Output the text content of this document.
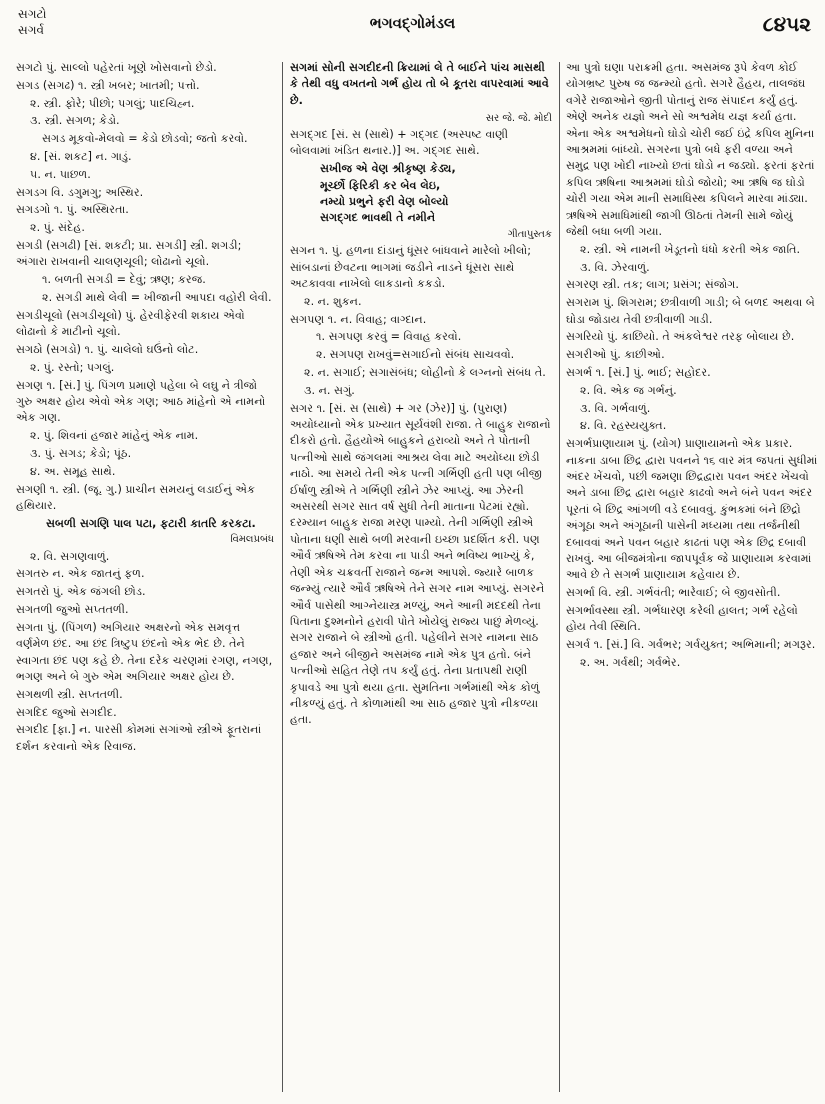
સગટો
સગર્વ	ભગવદ્ગોમંડલ	૮૪૫૨
સગટો પું. સાલ્લો પહેરતાં ખૂણે ખોસવાનો છેડો.
સગડ (સગઢ) ૧. સ્ત્રી ખબર; ખાતમી; પત્તો.
૨. સ્ત્રી. ફોરે; પીછો; પગલું; પાદચિહ્ન.
૩. સ્ત્રી. સગળ; કેડો.
સગડ મૂકવો-મેલવો = કેડો છોડવો; જતો કરવો.
૪. [સં. શકટ] ન. ગાડું.
૫. ન. પાછળ.
સગડગ વિ. ડગુમગુ; અસ્થિર.
સગડગો ૧. પું. અસ્થિરતા.
૨. પું. સંદેહ.
સગડી (સગઢી) [સં. શકટી; પ્રા. સગડી] સ્ત્રી. શગડી; અંગારા રાખવાની ચાલણચૂલી; લોઢાનો ચૂલો.
૧. બળતી સગડી = દેવું; ઋણ; કરજ.
૨. સગડી માથે લેવી = ખીજાની આપદા વહોરી લેવી.
સગડીચૂલો (સગડીચૂલો) પું. હેરવીફેરવી શકાય એવો લોઢાનો કે માટીનો ચૂલો.
સગઠો (સગડો) ૧. પું. ચાલેલો ઘઉંનો લોટ.
૨. પું. રસ્તો; પગલું.
સગણ ૧. [સં.] પું. પિંગળ પ્રમાણે પહેલા બે લઘુ ને ત્રીજો ગુરુ અક્ષર હોય એવો એક ગણ; આઠ માંહેનો એ નામનો એક ગણ.
૨. પું. શિવનાં હજાર માંહેનું એક નામ.
૩. પું. સગડ; કેડો; પૂંઠ.
૪. અ. સમૂહ સાથે.
સગણી ૧. સ્ત્રી. (જૂ. ગુ.) પ્રાચીન સમયનું લડાઈનું એક હથિયાર.
સબળી સગણિ પાલ પટા, ફટારી કાતરિ કરકટા.
વિમલપ્રબંધ
૨. વિ. સગણવાળું.
સગતરુ ન. એક જાતનું ફળ.
સગતરો પું. એક જંગલી છોડ.
સગતળી જુઓ સપ્તતળી.
સગતા પું. (પિંગળ) અગિયાર અક્ષરનો એક સમવૃત્ત વર્ણમેળ છંદ. આ છંદ ત્રિષ્ટુપ છંદનો એક ભેદ છે. તેને સ્વાગતા છંદ પણ કહે છે. તેના દરેક ચરણમાં રગણ, નગણ, ભગણ અને બે ગુરુ એમ અગિયાર અક્ષર હોય છે.
સગથળી સ્ત્રી. સપ્તતળી.
સગદિદ જુઓ સગદીદ.
સગદીદ [ફા.] ન. પારસી કોમમાં સગાંઓ સ્ત્રીએ ફૂતરાનાં દર્શન કરવાનો એક રિવાજ.
સગમાં સોની સગદીદની ક્રિયામાં લે તે બાઈને પાંચ માસથી કે તેથી વધુ વખતનો ગર્ભ હોય તો બે કૂતરા વાપરવામાં આવે છે.
સર જે. જે. મોદી
સગદ્ગદ [સં. સ (સાથે) + ગદ્ગદ (અસ્પષ્ટ વાણી બોલવામાં ખંડિત થનાર.)] અ. ગદ્ગદ સાથે.
સખીજ એ વેણ શ્રીકૃષ્ણ કેડ્ય,
મૂર્ચ્છો ફિરિકી કર બેવ લેઇ,
નમ્યો પ્રભુને ફરી વેણ બોલ્યો
સગદ્ગદ ભાવથી તે નમીને
ગીતાપુસ્તક
સગન ૧. પું. હળના દાંડાનું ધૂંસર બાંધવાને મારેલો ખીલો; સાંબડાનાં છેવટના ભાગમાં જડીને નાડને ધૂંસરા સાથે અટકાવવા નાખેલો લાકડાનો કકડો.
૨. ન. શુકન.
સગપણ ૧. ન. વિવાહ; વાગ્દાન.
૧. સગપણ કરવું = વિવાહ કરવો.
૨. સગપણ રાખવું=સગાઈનો સંબંધ સાચવવો.
૨. ન. સગાઈ; સગાસંબંધ; લોહીનો કે લગ્નનો સંબંધ તે.
૩. ન. સગું.
સગર ૧. [સં. સ (સાથે) + ગર (ઝેર)] પું. (પુરાણ) અયોધ્યાનો એક પ્રખ્યાત સૂર્યવંશી રાજા. તે બાહુક રાજાનો દીકરો હતો. હૈહયોએ બાહુકને હરાવ્યો અને તે પોતાની પત્નીઓ સાથે જંગલમાં આશ્રય લેવા માટે અયોધ્યા છોડી નાઠો. આ સમયે તેની એક પત્ની ગર્ભિણી હતી પણ બીજી ઈર્ષાળુ સ્ત્રીએ તે ગર્ભિણી સ્ત્રીને ઝેર આપ્યું. આ ઝેરની અસરથી સગર સાત વર્ષ સુધી તેની માતાના પેટમાં રહ્યો. દરમ્યાન બાહુક રાજા મરણ પામ્યો. તેની ગર્ભિણી સ્ત્રીએ પોતાના ધણી સાથે બળી મરવાની ઇચ્છા પ્રદર્શિત કરી. પણ ઔર્વ ઋષિએ તેમ કરવા ના પાડી અને ભવિષ્ય ભાખ્યું કે, તેણી એક ચક્રવર્તી રાજાને જન્મ આપશે. જ્યારે બાળક જન્મ્યું ત્યારે ઔર્વ ઋષિએ તેને સગર નામ આપ્યું. સગરને ઔર્વ પાસેથી આગ્નેયાસ્ત્ર મળ્યું, અને આની મદદથી તેના પિતાના દુશ્મનોને હરાવી પોતે ખોયેલું રાજ્ય પાછું મેળવ્યું. સગર રાજાને બે સ્ત્રીઓ હતી. પહેલીને સગર નામના સાઠ હજાર અને બીજીને અસમંજ નામે એક પુત્ર હતો. બંને પત્નીઓ સહિત તેણે તપ કર્યું હતું. તેના પ્રતાપથી રાણી કૃપાવડે આ પુત્રો થયા હતા. સુમતિના ગર્ભમાંથી એક કોળું નીકળ્યું હતું. તે કોળામાંથી આ સાઠ હજાર પુત્રો નીકળ્યા હતા.
આ પુત્રો ઘણા પરાક્રમી હતા. અસમંજ રૂપે કેવળ કોઈ યોગભ્રષ્ટ પુરુષ જ જન્મ્યો હતો. સગરે હૈહય, તાલજંઘ વગેરે રાજાઓને જીતી પોતાનું રાજ સંપાદન કર્યું હતું. એણે અનેક યજ્ઞો અને સો અશ્વમેધ યજ્ઞ કર્યા હતા. એના એક અશ્વમેધનો ઘોડો ચોરી જઈ ઇંદ્રે કપિલ મુનિના આશ્રમમાં બાંધ્યો. સગરના પુત્રો બધે ફરી વળ્યા અને સમુદ્ર પણ ખોદી નાખ્યો છતાં ઘોડો ન જડ્યો. ફરતાં ફરતાં કપિલ ઋષિના આશ્રમમાં ઘોડો જોયો; આ ઋષિ જ ઘોડો ચોરી ગયા એમ માની સમાધિસ્થ કપિલને મારવા માંડ્યા. ઋષિએ સમાધિમાંથી જાગી ઊઠતાં તેમની સામે જોયું જેથી બધા બળી ગયા.
૨. સ્ત્રી. એ નામની ખેડૂતનો ધંધો કરતી એક જાતિ.
૩. વિ. ઝેરવાળું.
સગરણ સ્ત્રી. તક; લાગ; પ્રસંગ; સંજોગ.
સગરામ પું. શિગરામ; છત્રીવાળી ગાડી; બે બળદ અથવા બે ઘોડા જોડાય તેવી છત્રીવાળી ગાડી.
સગરિયો પું. કાછિયો. તે અંકલેશ્વર તરફ બોલાય છે.
સગરીઓ પું. કાછીઓ.
સગર્ભ ૧. [સં.] પું. ભાઈ; સહોદર.
૨. વિ. એક જ ગર્ભનું.
૩. વિ. ગર્ભવાળું.
૪. વિ. રહસ્યયુક્ત.
સગર્ભપ્રાણાયામ પું. (યોગ) પ્રાણાયામનો એક પ્રકાર. નાકના ડાબા છિદ્ર દ્વારા પવનને ૧૬ વાર મંત્ર જપતાં સુધીમાં અંદર ખેંચવો, પછી જમણા છિદ્રદ્વારા પવન અંદર ખેંચવો અને ડાબા છિદ્ર દ્વારા બહાર કાઢવો અને બંને પવન અંદર પૂરતાં બે છિદ્ર આંગળી વડે દબાવવું. કુંભકમાં બંને છિદ્રો અંગૂઠા અને અંગૂઠાની પાસેની મધ્યમા તથા તર્જનીથી દબાવવાં અને પવન બહાર કાઢતાં પણ એક છિદ્ર દબાવી રાખવું. આ બીજમંત્રોના જાપપૂર્વક જે પ્રાણાયામ કરવામાં આવે છે તે સગર્ભ પ્રાણાયામ કહેવાય છે.
સગર્ભા વિ. સ્ત્રી. ગર્ભવંતી; ભારેવાઈ; બે જીવસોતી.
સગર્ભાવસ્થા સ્ત્રી. ગર્ભધારણ કરેલી હાલત; ગર્ભ રહેલો હોય તેવી સ્થિતિ.
સગર્વ ૧. [સં.] વિ. ગર્વભર; ગર્વયુક્ત; અભિમાની; મગરૂર.
૨. અ. ગર્વથી; ગર્વભેર.
